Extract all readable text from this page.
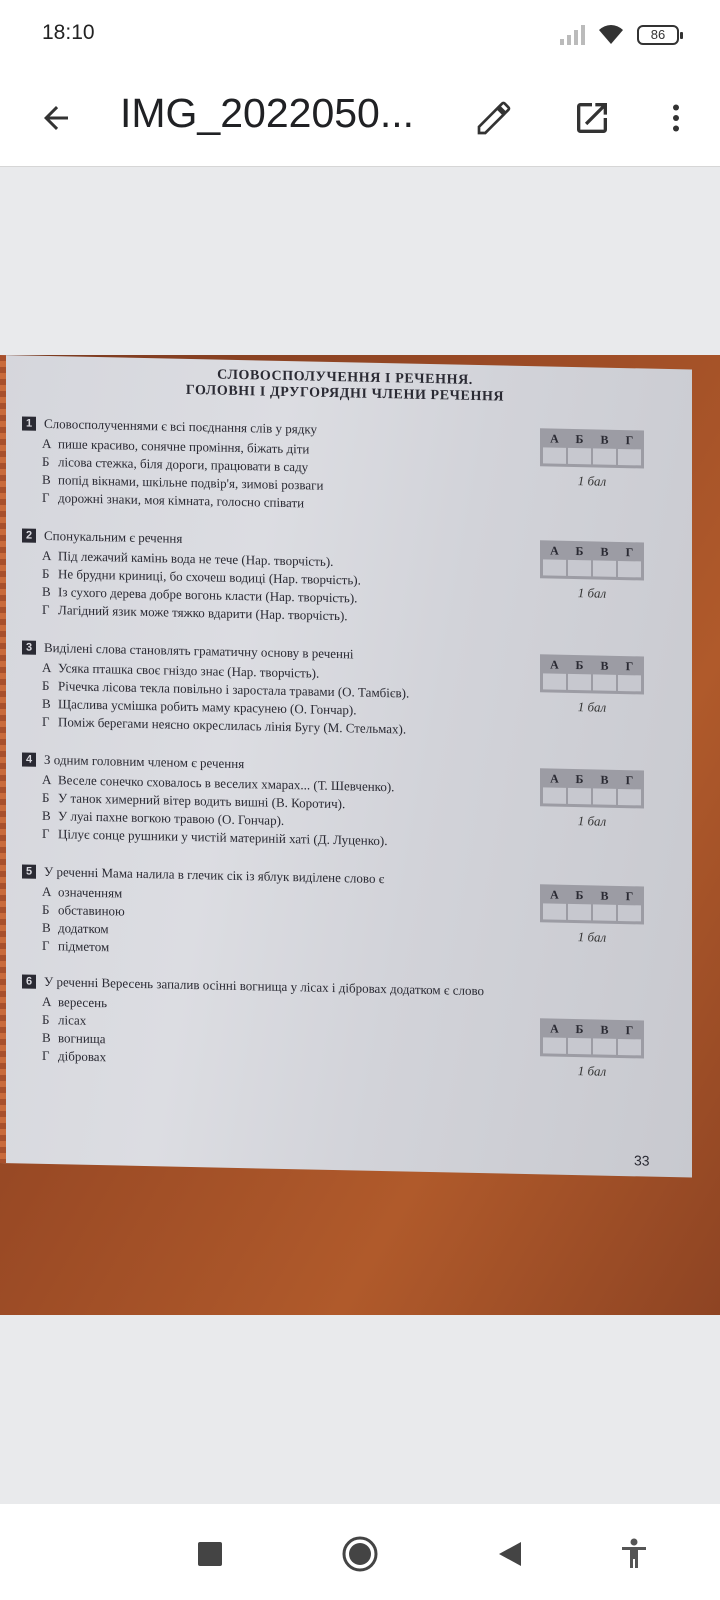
18:10	86
IMG_2022050...
СЛОВОСПОЛУЧЕННЯ І РЕЧЕННЯ.
ГОЛОВНІ І ДРУГОРЯДНІ ЧЛЕНИ РЕЧЕННЯ
1 Словосполученнями є всі поєднання слів у рядку
А пише красиво, сонячне проміння, біжать діти
Б лісова стежка, біля дороги, працювати в саду
В попід вікнами, шкільне подвір'я, зимові розваги
Г дорожні знаки, моя кімната, голосно співати
А	Б	В	Г
1 бал
2 Спонукальним є речення
А Під лежачий камінь вода не тече (Нар. творчість).
Б Не брудни криниці, бо схочеш водиці (Нар. творчість).
В Із сухого дерева добре вогонь класти (Нар. творчість).
Г Лагідний язик може тяжко вдарити (Нар. творчість).
А	Б	В	Г
1 бал
3 Виділені слова становлять граматичну основу в реченні
А Усяка пташка своє гніздо знає (Нар. творчість).
Б Річечка лісова текла повільно і заростала травами (О. Тамбієв).
В Щаслива усмішка робить маму красунею (О. Гончар).
Г Поміж берегами неясно окреслилась лінія Бугу (М. Стельмах).
А	Б	В	Г
1 бал
4 З одним головним членом є речення
А Веселе сонечко сховалось в веселих хмарах... (Т. Шевченко).
Б У танок химерний вітер водить вишні (В. Коротич).
В У луаі пахне вогкою травою (О. Гончар).
Г Цілує сонце рушники у чистій материній хаті (Д. Луценко).
А	Б	В	Г
1 бал
5 У реченні Мама налила в глечик сік із яблук виділене слово є
А означенням
Б обставиною
В додатком
Г підметом
А	Б	В	Г
1 бал
6 У реченні Вересень запалив осінні вогнища у лісах і дібровах додатком є слово
А вересень
Б лісах
В вогнища
Г дібровах
А	Б	В	Г
1 бал
33
